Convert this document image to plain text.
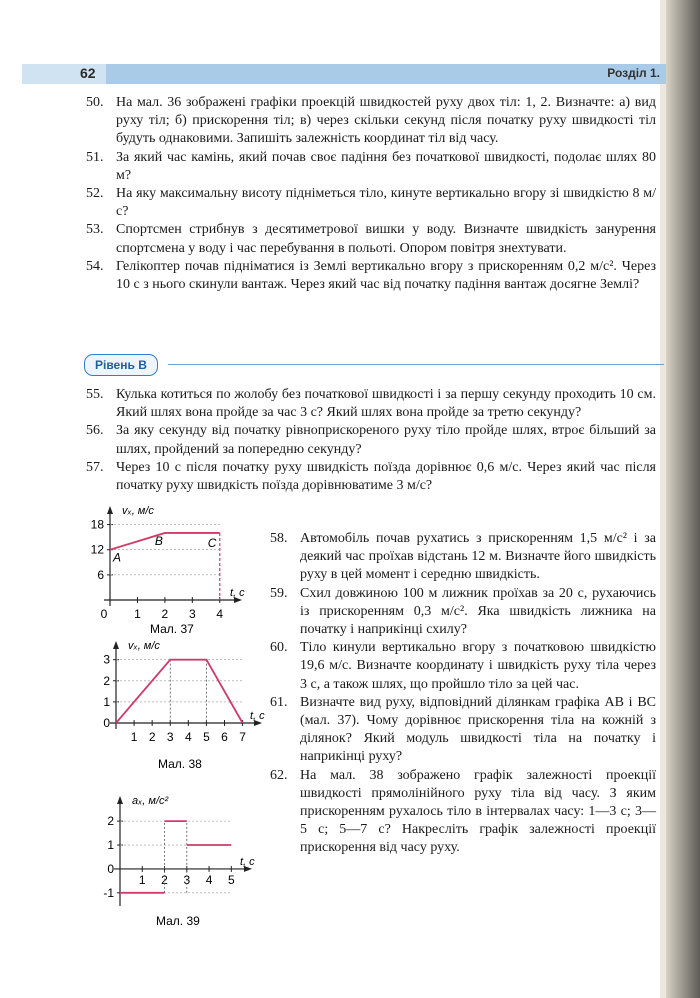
62	Розділ 1.
50. На мал. 36 зображені графіки проекцій швидкостей руху двох тіл: 1, 2. Визначте: а) вид руху тіл; б) прискорення тіл; в) через скільки секунд після початку руху швидкості тіл будуть однаковими. Запишіть залежність координат тіл від часу.
51. За який час камінь, який почав своє падіння без початкової швидкості, подолає шлях 80 м?
52. На яку максимальну висоту підніметься тіло, кинуте вертикально вгору зі швидкістю 8 м/с?
53. Спортсмен стрибнув з десятиметрової вишки у воду. Визначте швидкість занурення спортсмена у воду і час перебування в польоті. Опором повітря знехтувати.
54. Гелікоптер почав підніматися із Землі вертикально вгору з прискоренням 0,2 м/с². Через 10 с з нього скинули вантаж. Через який час від початку падіння вантаж досягне Землі?
Рівень В
55. Кулька котиться по жолобу без початкової швидкості і за першу секунду проходить 10 см. Який шлях вона пройде за час 3 с? Який шлях вона пройде за третю секунду?
56. За яку секунду від початку рівноприскореного руху тіло пройде шлях, втроє більший за шлях, пройдений за попередню секунду?
57. Через 10 с після початку руху швидкість поїзда дорівнює 0,6 м/с. Через який час після початку руху швидкість поїзда дорівнюватиме 3 м/с?
58. Автомобіль почав рухатись з прискоренням 1,5 м/с² і за деякий час проїхав відстань 12 м. Визначте його швидкість руху в цей момент і середню швидкість.
59. Схил довжиною 100 м лижник проїхав за 20 с, рухаючись із прискоренням 0,3 м/с². Яка швидкість лижника на початку і наприкінці схилу?
60. Тіло кинули вертикально вгору з початковою швидкістю 19,6 м/с. Визначте координату і швидкість руху тіла через 3 с, а також шлях, що пройшло тіло за цей час.
61. Визначте вид руху, відповідний ділянкам графіка AB і BC (мал. 37). Чому дорівнює прискорення тіла на кожній з ділянок? Який модуль швидкості тіла на початку і наприкінці руху?
62. На мал. 38 зображено графік залежності проекції швидкості прямолінійного руху тіла від часу. З яким прискоренням рухалось тіло в інтервалах часу: 1—3 с; 3—5 с; 5—7 с? Накресліть графік залежності проекції прискорення від часу руху.
vₓ, м/с
t, с
18
12
6
0 1 2 3 4
A
B	C
Мал. 37
vₓ, м/с
t, с
3
2
1
0
1 2 3 4 5 6 7
Мал. 38
aₓ, м/с²
t, с
2
1
0
-1
1 2 3 4 5
Мал. 39
